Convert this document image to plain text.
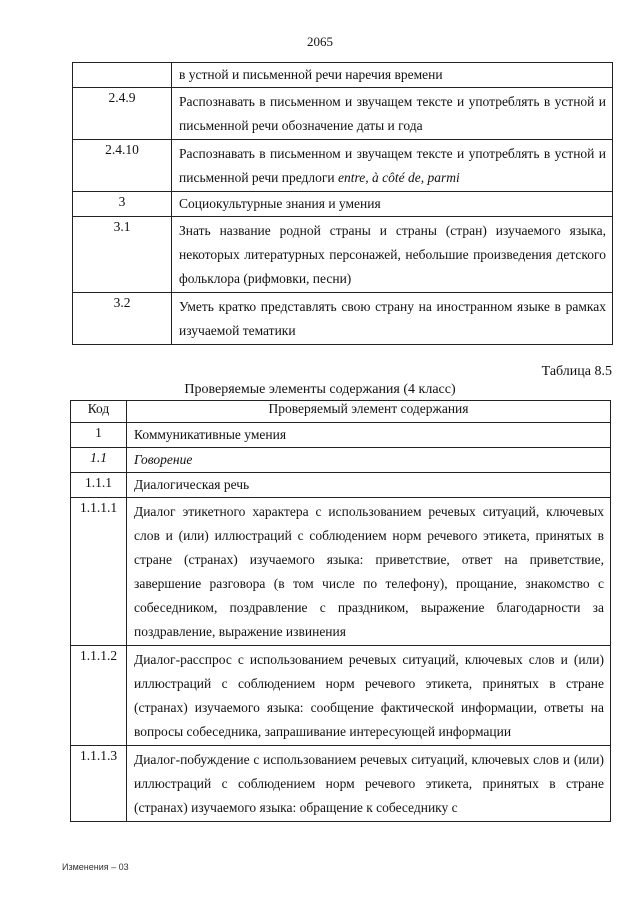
2065
	в устной и письменной речи наречия времени
2.4.9	Распознавать в письменном и звучащем тексте и употреблять в устной и письменной речи обозначение даты и года
2.4.10	Распознавать в письменном и звучащем тексте и употреблять в устной и письменной речи предлоги entre, à côté de, parmi
3	Социокультурные знания и умения
3.1	Знать название родной страны и страны (стран) изучаемого языка, некоторых литературных персонажей, небольшие произведения детского фольклора (рифмовки, песни)
3.2	Уметь кратко представлять свою страну на иностранном языке в рамках изучаемой тематики
Таблица 8.5
Проверяемые элементы содержания (4 класс)
Код	Проверяемый элемент содержания
1	Коммуникативные умения
1.1	Говорение
1.1.1	Диалогическая речь
1.1.1.1	Диалог этикетного характера с использованием речевых ситуаций, ключевых слов и (или) иллюстраций с соблюдением норм речевого этикета, принятых в стране (странах) изучаемого языка: приветствие, ответ на приветствие, завершение разговора (в том числе по телефону), прощание, знакомство с собеседником, поздравление с праздником, выражение благодарности за поздравление, выражение извинения
1.1.1.2	Диалог-расспрос с использованием речевых ситуаций, ключевых слов и (или) иллюстраций с соблюдением норм речевого этикета, принятых в стране (странах) изучаемого языка: сообщение фактической информации, ответы на вопросы собеседника, запрашивание интересующей информации
1.1.1.3	Диалог-побуждение с использованием речевых ситуаций, ключевых слов и (или) иллюстраций с соблюдением норм речевого этикета, принятых в стране (странах) изучаемого языка: обращение к собеседнику с
Изменения – 03
